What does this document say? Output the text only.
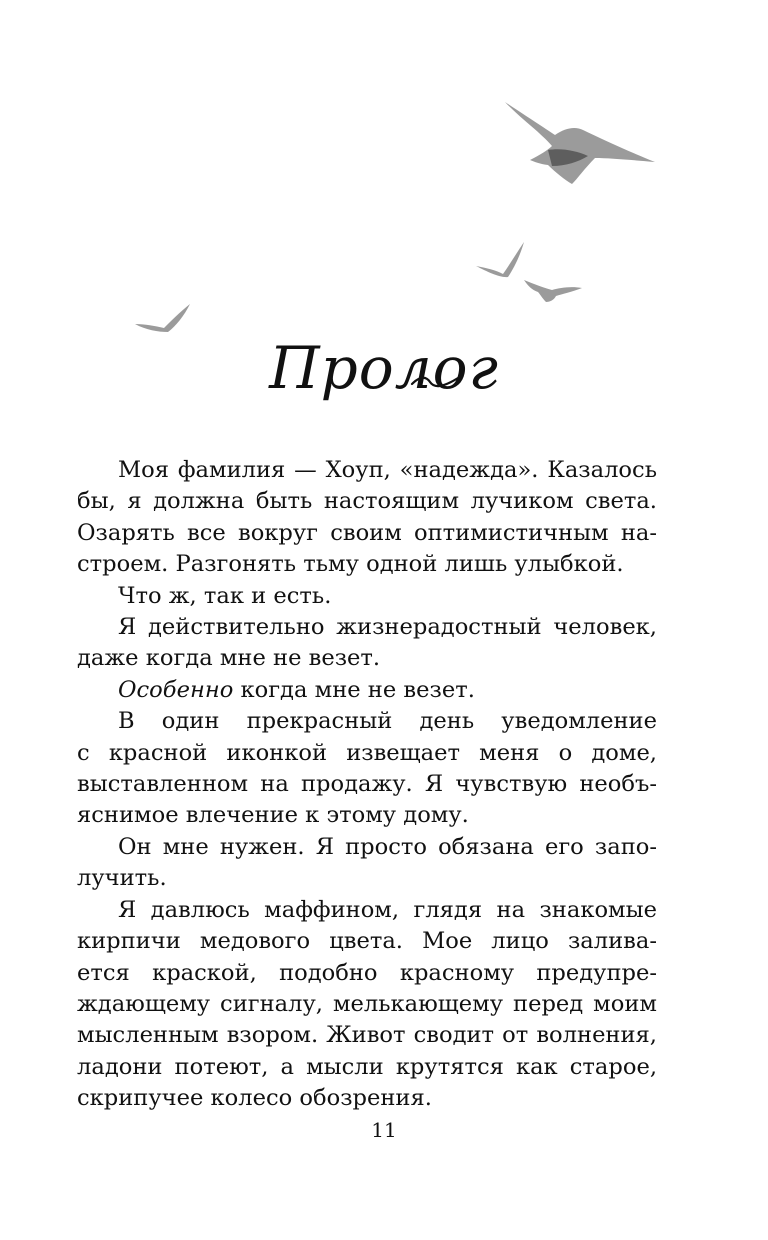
Пролог

Моя фамилия — Хоуп, «надежда». Казалось
бы, я должна быть настоящим лучиком света.
Озарять все вокруг своим оптимистичным на-
строем. Разгонять тьму одной лишь улыбкой.

Что ж, так и есть.

Я действительно жизнерадостный человек,
даже когда мне не везет.

Особенно когда мне не везет.

В один прекрасный день уведомление
с красной иконкой извещает меня о доме,
выставленном на продажу. Я чувствую необъ-
яснимое влечение к этому дому.

Он мне нужен. Я просто обязана его запо-
лучить.

Я давлюсь маффином, глядя на знакомые
кирпичи медового цвета. Мое лицо залива-
ется краской, подобно красному предупре-
ждающему сигналу, мелькающему перед моим
мысленным взором. Живот сводит от волнения,
ладони потеют, а мысли крутятся как старое,
скрипучее колесо обозрения.

11
